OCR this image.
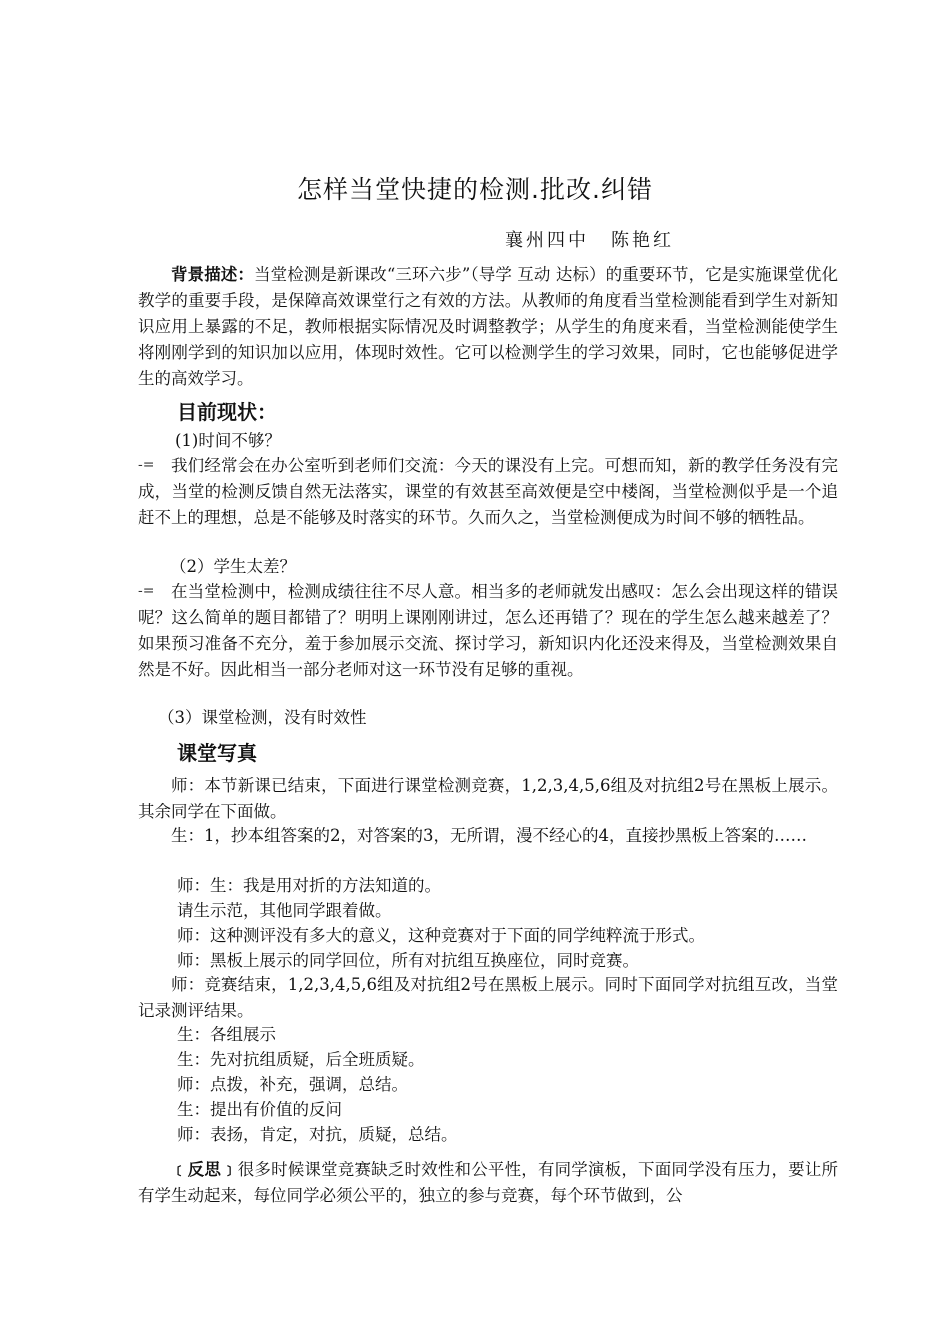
怎样当堂快捷的检测.批改.纠错
襄州四中 陈艳红
背景描述：当堂检测是新课改“三环六步”（导学 互动 达标）的重要环节，它是实施课堂优化教学的重要手段，是保障高效课堂行之有效的方法。从教师的角度看当堂检测能看到学生对新知识应用上暴露的不足，教师根据实际情况及时调整教学；从学生的角度来看，当堂检测能使学生将刚刚学到的知识加以应用，体现时效性。它可以检测学生的学习效果，同时，它也能够促进学生的高效学习。
目前现状：
(1)时间不够？
-=	我们经常会在办公室听到老师们交流：今天的课没有上完。可想而知，新的教学任务没有完成，当堂的检测反馈自然无法落实，课堂的有效甚至高效便是空中楼阁，当堂检测似乎是一个追赶不上的理想，总是不能够及时落实的环节。久而久之，当堂检测便成为时间不够的牺牲品。
（2）学生太差？
-=	在当堂检测中，检测成绩往往不尽人意。相当多的老师就发出感叹：怎么会出现这样的错误呢？这么简单的题目都错了？明明上课刚刚讲过，怎么还再错了？现在的学生怎么越来越差了？如果预习准备不充分，羞于参加展示交流、探讨学习，新知识内化还没来得及，当堂检测效果自然是不好。因此相当一部分老师对这一环节没有足够的重视。
（3）课堂检测，没有时效性
课堂写真
师：本节新课已结束，下面进行课堂检测竞赛，1,2,3,4,5,6组及对抗组2号在黑板上展示。其余同学在下面做。
生：1，抄本组答案的2，对答案的3，无所谓，漫不经心的4，直接抄黑板上答案的……
师：生：我是用对折的方法知道的。
请生示范，其他同学跟着做。
师：这种测评没有多大的意义，这种竞赛对于下面的同学纯粹流于形式。
师：黑板上展示的同学回位，所有对抗组互换座位，同时竞赛。
师：竞赛结束，1,2,3,4,5,6组及对抗组2号在黑板上展示。同时下面同学对抗组互改，当堂记录测评结果。
生：各组展示
生：先对抗组质疑，后全班质疑。
师：点拨，补充，强调，总结。
生：提出有价值的反问
师：表扬，肯定，对抗，质疑，总结。
﹝反思﹞很多时候课堂竞赛缺乏时效性和公平性，有同学演板，下面同学没有压力，要让所有学生动起来，每位同学必须公平的，独立的参与竞赛，每个环节做到，公
